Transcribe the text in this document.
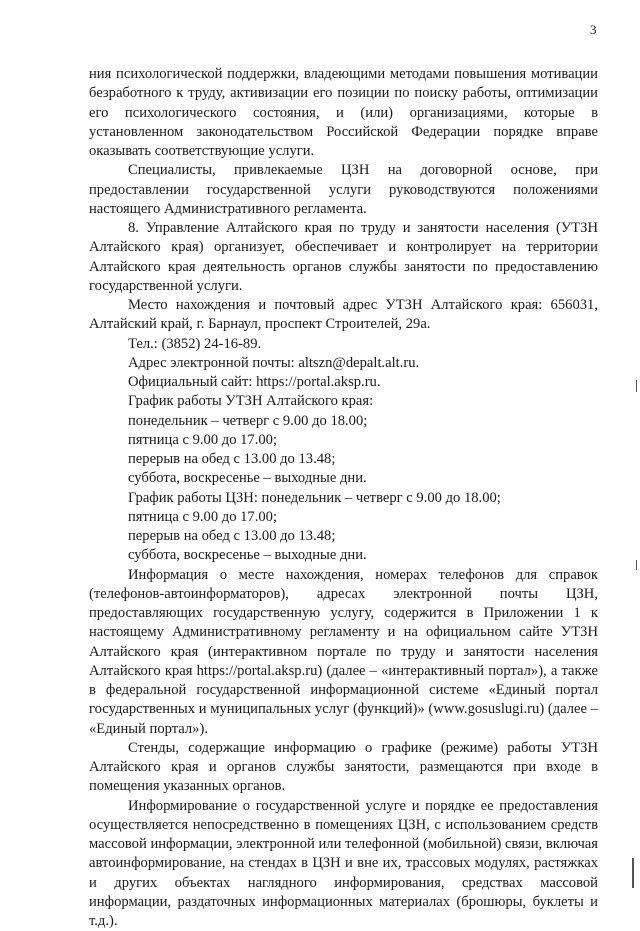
3

ния психологической поддержки, владеющими методами повышения мотивации безработного к труду, активизации его позиции по поиску работы, оптимизации его психологического состояния, и (или) организациями, которые в установленном законодательством Российской Федерации порядке вправе оказывать соответствующие услуги.

Специалисты, привлекаемые ЦЗН на договорной основе, при предоставлении государственной услуги руководствуются положениями настоящего Административного регламента.

8. Управление Алтайского края по труду и занятости населения (УТЗН Алтайского края) организует, обеспечивает и контролирует на территории Алтайского края деятельность органов службы занятости по предоставлению государственной услуги.

Место нахождения и почтовый адрес УТЗН Алтайского края: 656031, Алтайский край, г. Барнаул, проспект Строителей, 29а.

Тел.: (3852) 24-16-89.

Адрес электронной почты: altszn@depalt.alt.ru.

Официальный сайт: https://portal.aksp.ru.

График работы УТЗН Алтайского края:

понедельник – четверг с 9.00 до 18.00;

пятница с 9.00 до 17.00;

перерыв на обед с 13.00 до 13.48;

суббота, воскресенье – выходные дни.

График работы ЦЗН: понедельник – четверг с 9.00 до 18.00;

пятница с 9.00 до 17.00;

перерыв на обед с 13.00 до 13.48;

суббота, воскресенье – выходные дни.

Информация о месте нахождения, номерах телефонов для справок (телефонов-автоинформаторов), адресах электронной почты ЦЗН, предоставляющих государственную услугу, содержится в Приложении 1 к настоящему Административному регламенту и на официальном сайте УТЗН Алтайского края (интерактивном портале по труду и занятости населения Алтайского края https://portal.aksp.ru) (далее – «интерактивный портал»), а также в федеральной государственной информационной системе «Единый портал государственных и муниципальных услуг (функций)» (www.gosuslugi.ru) (далее – «Единый портал»).

Стенды, содержащие информацию о графике (режиме) работы УТЗН Алтайского края и органов службы занятости, размещаются при входе в помещения указанных органов.

Информирование о государственной услуге и порядке ее предоставления осуществляется непосредственно в помещениях ЦЗН, с использованием средств массовой информации, электронной или телефонной (мобильной) связи, включая автоинформирование, на стендах в ЦЗН и вне их, трассовых модулях, растяжках и других объектах наглядного информирования, средствах массовой информации, раздаточных информационных материалах (брошюры, буклеты и т.д.).
